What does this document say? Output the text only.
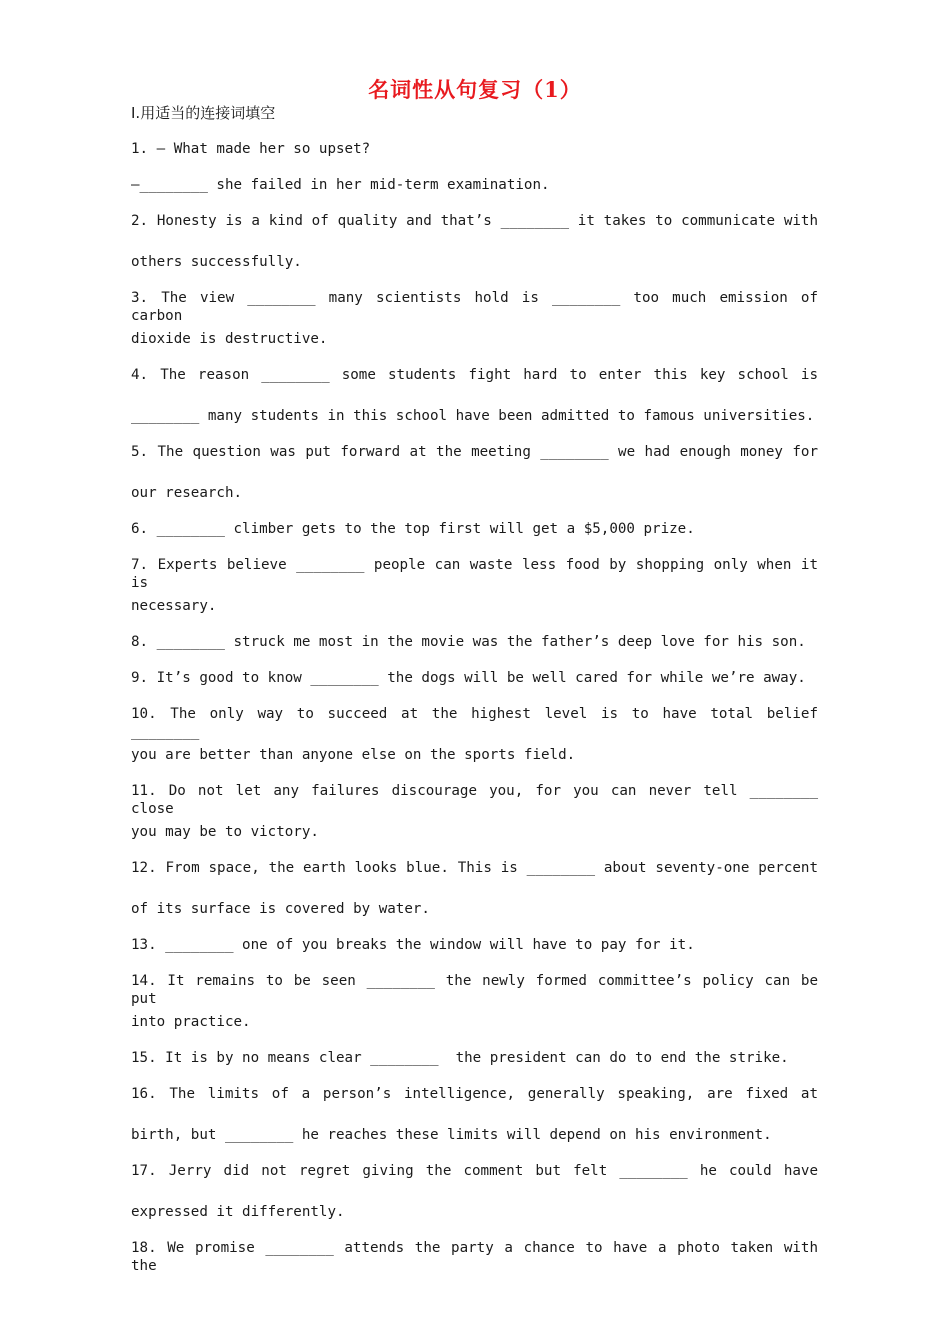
名词性从句复习（1）
I.用适当的连接词填空
1. — What made her so upset?
—________ she failed in her mid-term examination.
2. Honesty is a kind of quality and that’s ________ it takes to communicate with
others successfully.
3. The view ________ many scientists hold is ________ too much emission of carbon
dioxide is destructive.
4. The reason ________ some students fight hard to enter this key school is
________ many students in this school have been admitted to famous universities.
5. The question was put forward at the meeting ________ we had enough money for
our research.
6. ________ climber gets to the top first will get a $5,000 prize.
7. Experts believe ________ people can waste less food by shopping only when it is
necessary.
8. ________ struck me most in the movie was the father’s deep love for his son.
9. It’s good to know ________ the dogs will be well cared for while we’re away.
10. The only way to succeed at the highest level is to have total belief ________
you are better than anyone else on the sports field.
11. Do not let any failures discourage you, for you can never tell ________ close
you may be to victory.
12. From space, the earth looks blue. This is ________ about seventy-one percent
of its surface is covered by water.
13. ________ one of you breaks the window will have to pay for it.
14. It remains to be seen ________ the newly formed committee’s policy can be put
into practice.
15. It is by no means clear ________  the president can do to end the strike.
16. The limits of a person’s intelligence, generally speaking, are fixed at
birth, but ________ he reaches these limits will depend on his environment.
17. Jerry did not regret giving the comment but felt ________ he could have
expressed it differently.
18. We promise ________ attends the party a chance to have a photo taken with the
